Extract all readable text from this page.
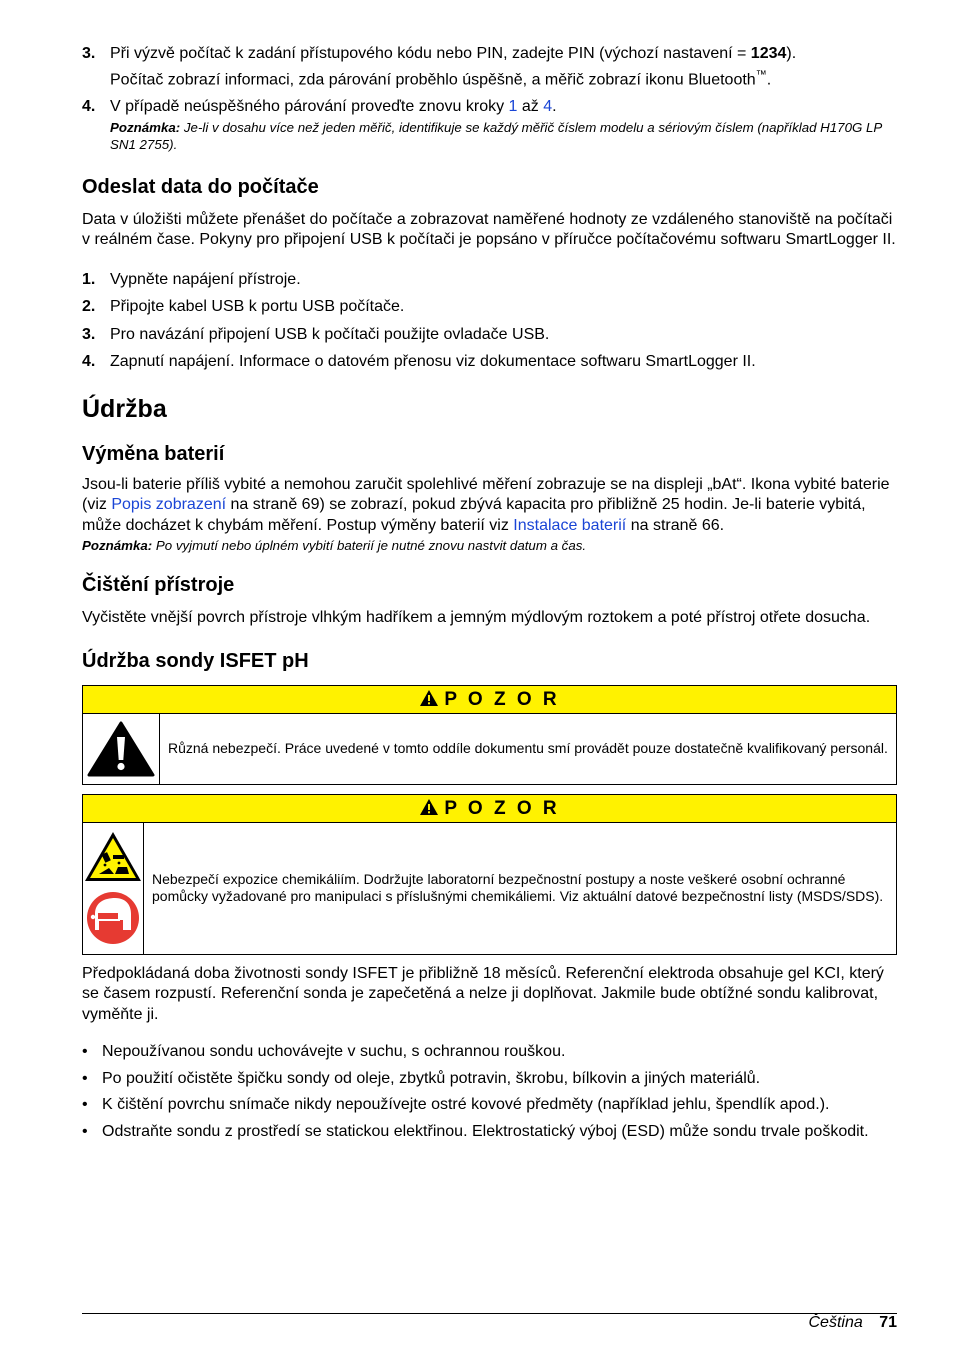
3. Při výzvě počítač k zadání přístupového kódu nebo PIN, zadejte PIN (výchozí nastavení = 1234).
Počítač zobrazí informaci, zda párování proběhlo úspěšně, a měřič zobrazí ikonu Bluetooth™.
4. V případě neúspěšného párování proveďte znovu kroky 1 až 4.
Poznámka: Je-li v dosahu více než jeden měřič, identifikuje se každý měřič číslem modelu a sériovým číslem (například H170G LP SN1 2755).
Odeslat data do počítače

Data v úložišti můžete přenášet do počítače a zobrazovat naměřené hodnoty ze vzdáleného stanoviště na počítači v reálném čase. Pokyny pro připojení USB k počítači je popsáno v příručce počítačovému softwaru SmartLogger II.

1. Vypněte napájení přístroje.
2. Připojte kabel USB k portu USB počítače.
3. Pro navázání připojení USB k počítači použijte ovladače USB.
4. Zapnutí napájení. Informace o datovém přenosu viz dokumentace softwaru SmartLogger II.
Údržba
Výměna baterií

Jsou-li baterie příliš vybité a nemohou zaručit spolehlivé měření zobrazuje se na displeji „bAt“. Ikona vybité baterie (viz Popis zobrazení na straně 69) se zobrazí, pokud zbývá kapacita pro přibližně 25 hodin. Je-li baterie vybitá, může docházet k chybám měření. Postup výměny baterií viz Instalace baterií na straně 66.

Poznámka: Po vyjmutí nebo úplném vybití baterií je nutné znovu nastvit datum a čas.
Čištění přístroje

Vyčistěte vnější povrch přístroje vlhkým hadříkem a jemným mýdlovým roztokem a poté přístroj otřete dosucha.

Údržba sondy ISFET pH
P O Z O R
Různá nebezpečí. Práce uvedené v tomto oddíle dokumentu smí provádět pouze dostatečně kvalifikovaný personál.
P O Z O R
Nebezpečí expozice chemikáliím. Dodržujte laboratorní bezpečnostní postupy a noste veškeré osobní ochranné pomůcky vyžadované pro manipulaci s příslušnými chemikáliemi. Viz aktuální datové bezpečnostní listy (MSDS/SDS).

Předpokládaná doba životnosti sondy ISFET je přibližně 18 měsíců. Referenční elektroda obsahuje gel KCI, který se časem rozpustí. Referenční sonda je zapečetěná a nelze ji doplňovat. Jakmile bude obtížné sondu kalibrovat, vyměňte ji.

• Nepoužívanou sondu uchovávejte v suchu, s ochrannou rouškou.
• Po použití očistěte špičku sondy od oleje, zbytků potravin, škrobu, bílkovin a jiných materiálů.
• K čištění povrchu snímače nikdy nepoužívejte ostré kovové předměty (například jehlu, špendlík apod.).
• Odstraňte sondu z prostředí se statickou elektřinou. Elektrostatický výboj (ESD) může sondu trvale poškodit.
Čeština 71
